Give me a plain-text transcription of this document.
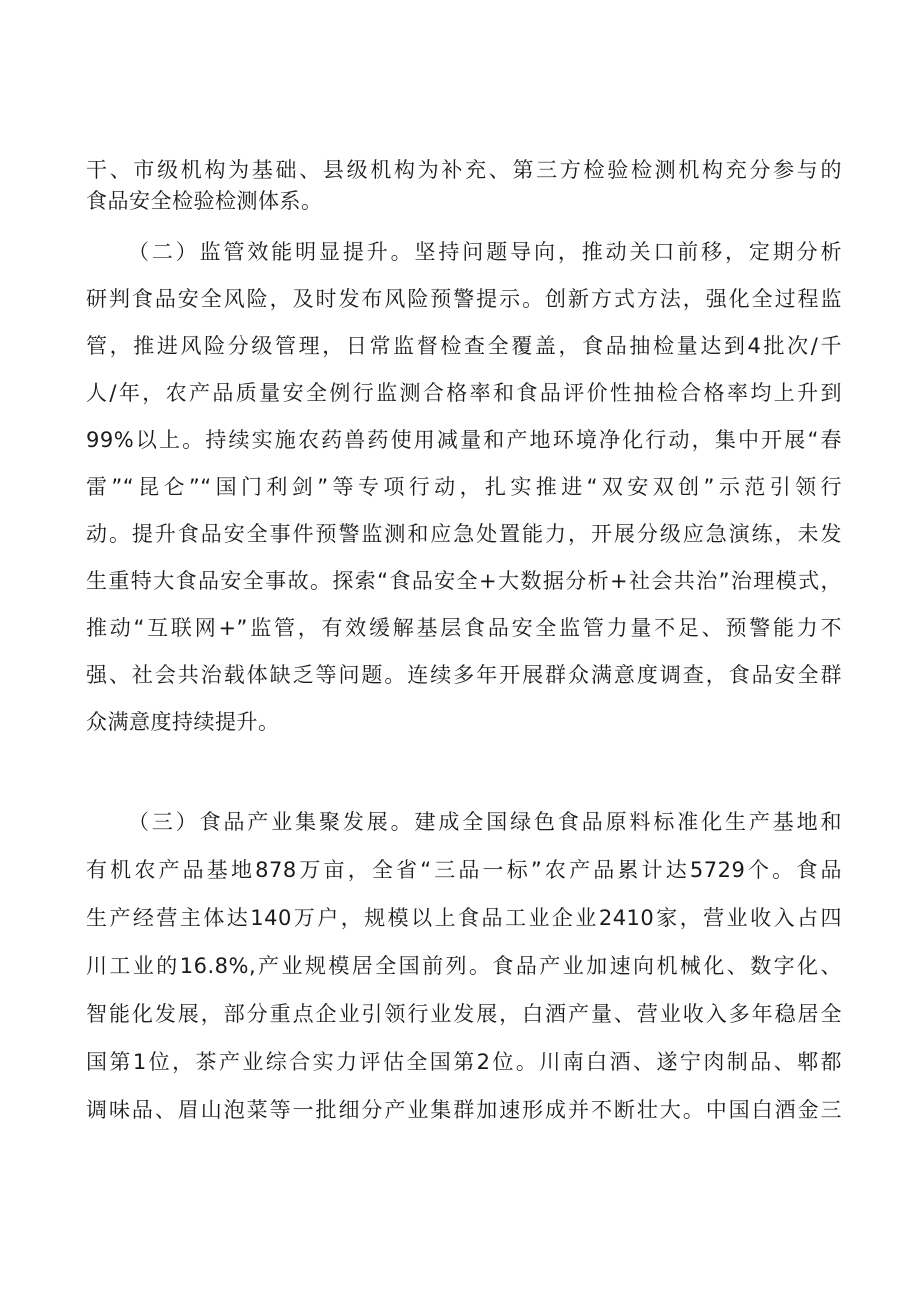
干、市级机构为基础、县级机构为补充、第三方检验检测机构充分参与的
食品安全检验检测体系。
（二）监管效能明显提升。坚持问题导向，推动关口前移，定期分析
研判食品安全风险，及时发布风险预警提示。创新方式方法，强化全过程监
管，推进风险分级管理，日常监督检查全覆盖，食品抽检量达到4批次/千
人/年，农产品质量安全例行监测合格率和食品评价性抽检合格率均上升到
99%以上。持续实施农药兽药使用减量和产地环境净化行动，集中开展“春
雷”“昆仑”“国门利剑”等专项行动，扎实推进“双安双创”示范引领行
动。提升食品安全事件预警监测和应急处置能力，开展分级应急演练，未发
生重特大食品安全事故。探索“食品安全+大数据分析+社会共治”治理模式，
推动“互联网+”监管，有效缓解基层食品安全监管力量不足、预警能力不
强、社会共治载体缺乏等问题。连续多年开展群众满意度调查，食品安全群
众满意度持续提升。
（三）食品产业集聚发展。建成全国绿色食品原料标准化生产基地和
有机农产品基地878万亩，全省“三品一标”农产品累计达5729个。食品
生产经营主体达140万户，规模以上食品工业企业2410家，营业收入占四
川工业的16.8%,产业规模居全国前列。食品产业加速向机械化、数字化、
智能化发展，部分重点企业引领行业发展，白酒产量、营业收入多年稳居全
国第1位，茶产业综合实力评估全国第2位。川南白酒、遂宁肉制品、郫都
调味品、眉山泡菜等一批细分产业集群加速形成并不断壮大。中国白酒金三
